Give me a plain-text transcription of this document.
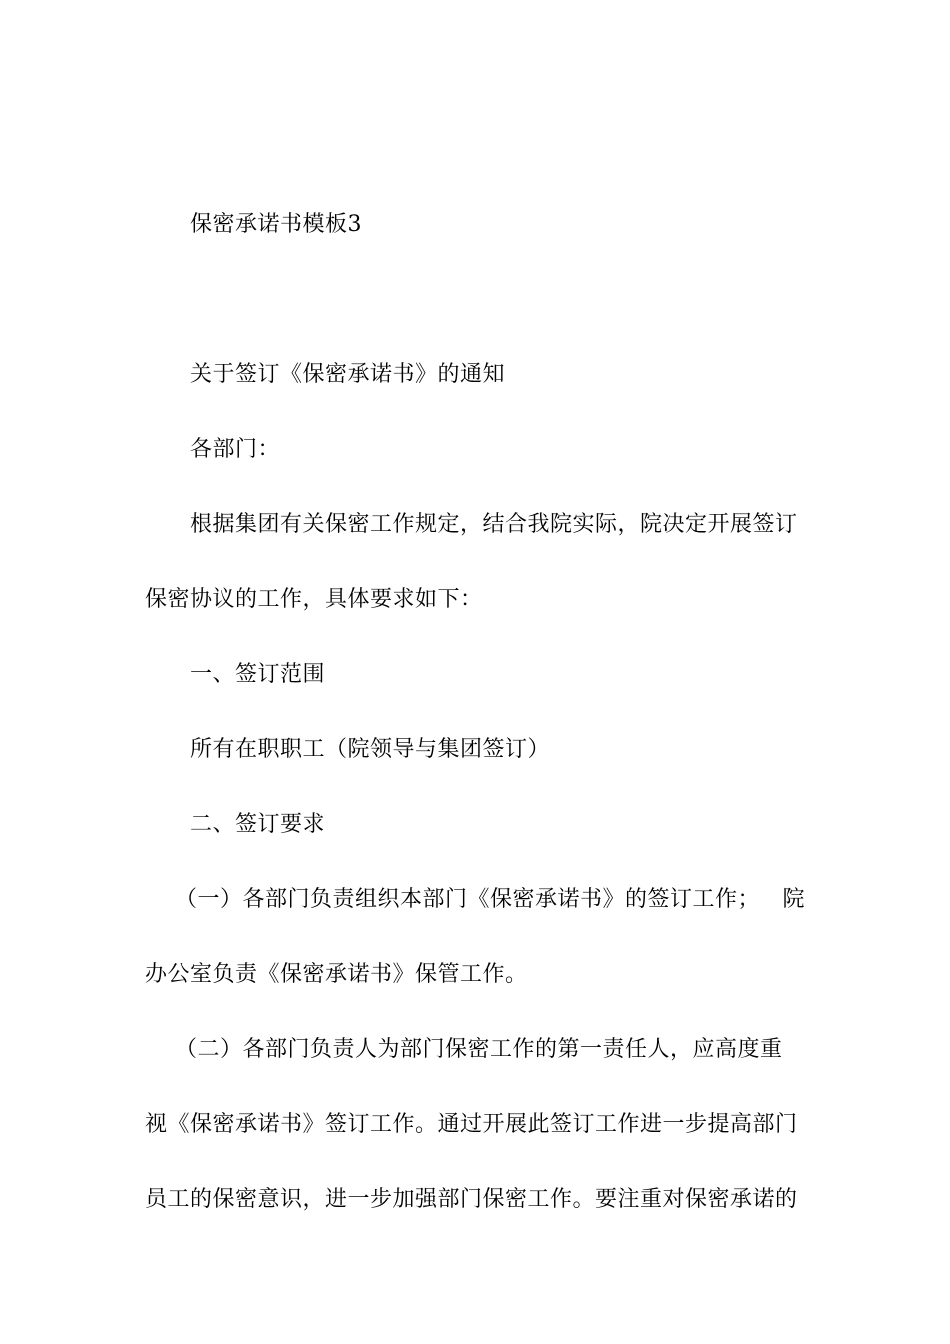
保密承诺书模板3
关于签订《保密承诺书》的通知
各部门：
根据集团有关保密工作规定，结合我院实际，院决定开展签订
保密协议的工作，具体要求如下：
一、签订范围
所有在职职工（院领导与集团签订）
二、签订要求
（一）各部门负责组织本部门《保密承诺书》的签订工作； 院
办公室负责《保密承诺书》保管工作。
（二）各部门负责人为部门保密工作的第一责任人，应高度重
视《保密承诺书》签订工作。通过开展此签订工作进一步提高部门
员工的保密意识，进一步加强部门保密工作。要注重对保密承诺的
